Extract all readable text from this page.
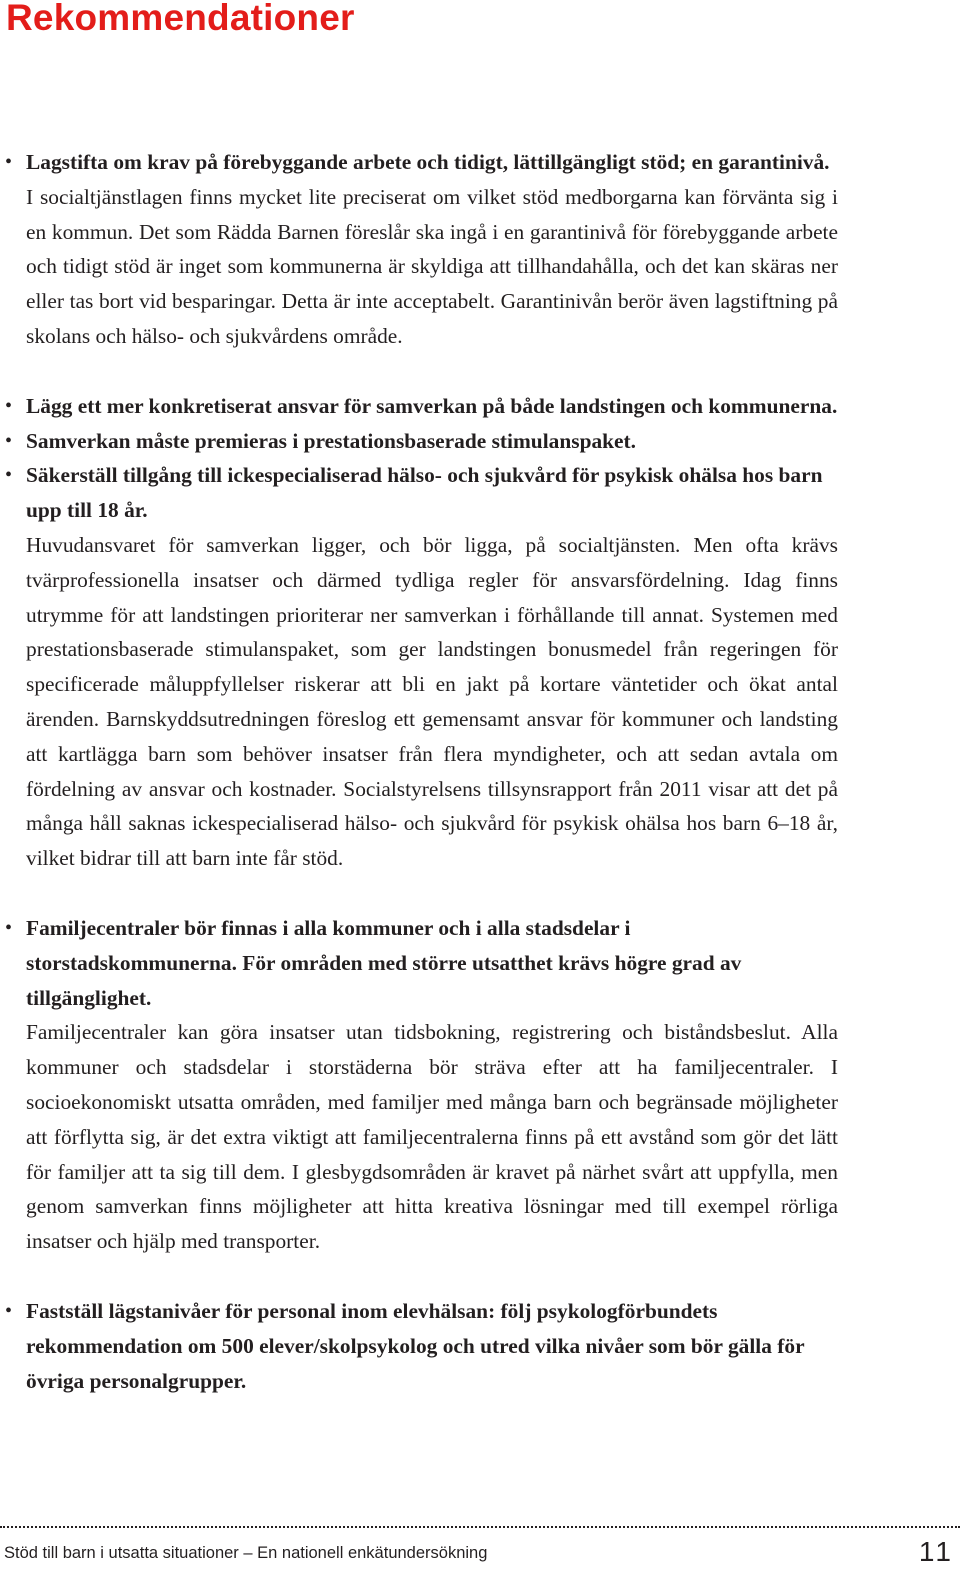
Rekommendationer
• Lagstifta om krav på förebyggande arbete och tidigt, lättillgängligt stöd; en garantinivå.

I socialtjänstlagen finns mycket lite preciserat om vilket stöd medborgarna kan förvänta sig i en kommun. Det som Rädda Barnen föreslår ska ingå i en garantinivå för förebyggande arbete och tidigt stöd är inget som kommunerna är skyldiga att tillhandahålla, och det kan skäras ner eller tas bort vid besparingar. Detta är inte acceptabelt. Garantinivån berör även lagstiftning på skolans och hälso- och sjukvårdens område.

• Lägg ett mer konkretiserat ansvar för samverkan på både landstingen och kommunerna.

• Samverkan måste premieras i prestationsbaserade stimulanspaket.

• Säkerställ tillgång till ickespecialiserad hälso- och sjukvård för psykisk ohälsa hos barn upp till 18 år.

Huvudansvaret för samverkan ligger, och bör ligga, på socialtjänsten. Men ofta krävs tvärprofessionella insatser och därmed tydliga regler för ansvarsfördelning. Idag finns utrymme för att landstingen prioriterar ner samverkan i förhållande till annat. Systemen med prestationsbaserade stimulanspaket, som ger landstingen bonusmedel från regeringen för specificerade måluppfyllelser riskerar att bli en jakt på kortare väntetider och ökat antal ärenden. Barnskyddsutredningen föreslog ett gemensamt ansvar för kommuner och landsting att kartlägga barn som behöver insatser från flera myndigheter, och att sedan avtala om fördelning av ansvar och kostnader. Socialstyrelsens tillsynsrapport från 2011 visar att det på många håll saknas ickespecialiserad hälso- och sjukvård för psykisk ohälsa hos barn 6–18 år, vilket bidrar till att barn inte får stöd.

• Familjecentraler bör finnas i alla kommuner och i alla stadsdelar i storstadskommunerna. För områden med större utsatthet krävs högre grad av tillgänglighet.

Familjecentraler kan göra insatser utan tidsbokning, registrering och biståndsbeslut. Alla kommuner och stadsdelar i storstäderna bör sträva efter att ha familjecentraler. I socioekonomiskt utsatta områden, med familjer med många barn och begränsade möjligheter att förflytta sig, är det extra viktigt att familjecentralerna finns på ett avstånd som gör det lätt för familjer att ta sig till dem. I glesbygdsområden är kravet på närhet svårt att uppfylla, men genom samverkan finns möjligheter att hitta kreativa lösningar med till exempel rörliga insatser och hjälp med transporter.

• Fastställ lägstanivåer för personal inom elevhälsan: följ psykologförbundets rekommendation om 500 elever/skolpsykolog och utred vilka nivåer som bör gälla för övriga personalgrupper.

Stöd till barn i utsatta situationer – En nationell enkätundersökning	11
